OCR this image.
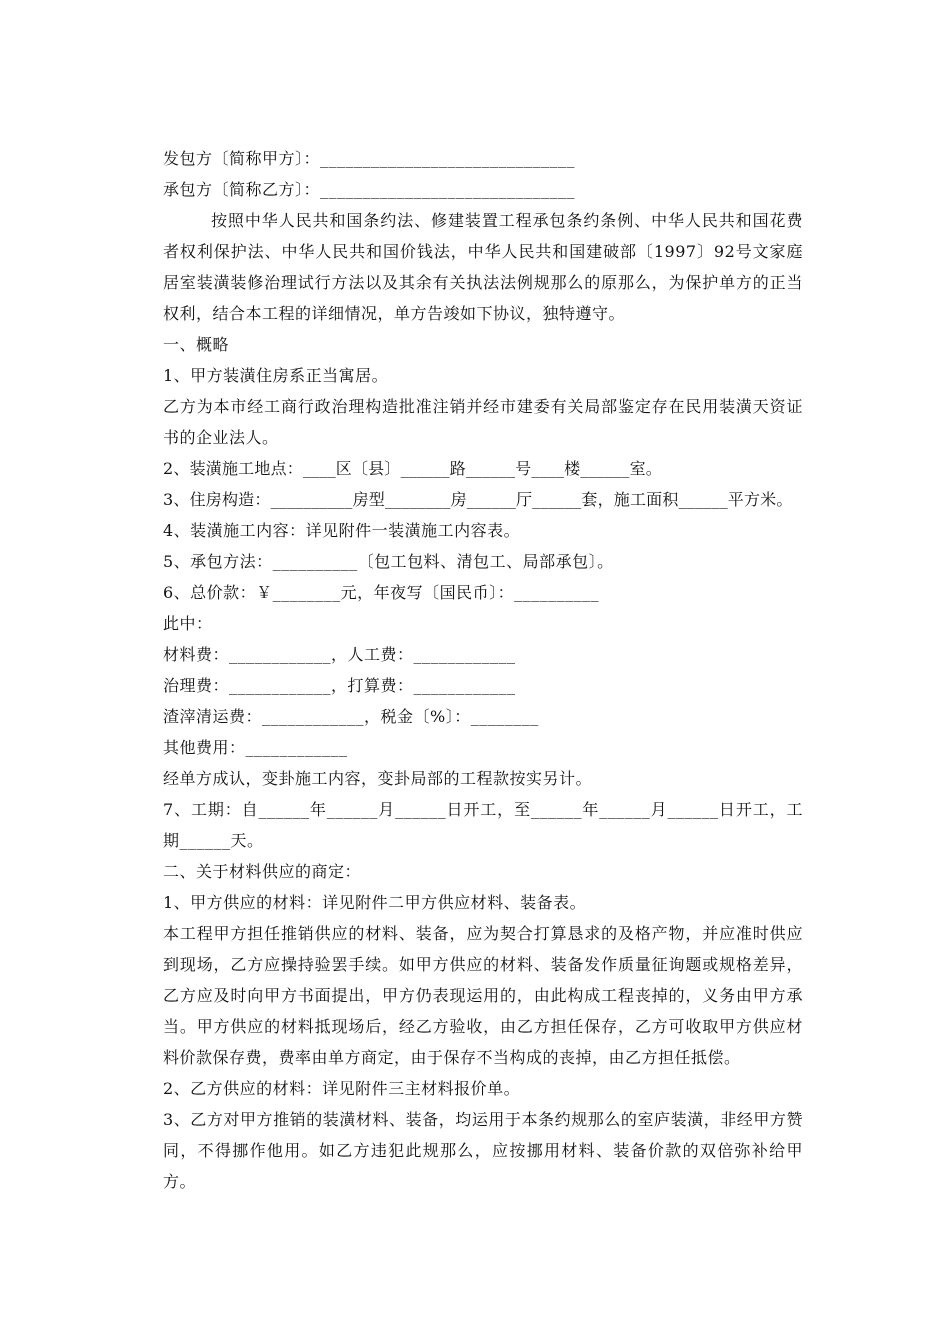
发包方〔简称甲方〕：______________________________
承包方〔简称乙方〕：______________________________
按照中华人民共和国条约法、修建装置工程承包条约条例、中华人民共和国花费者权利保护法、中华人民共和国价钱法，中华人民共和国建破部〔1997〕92号文家庭居室装潢装修治理试行方法以及其余有关执法法例规那么的原那么，为保护单方的正当权利，结合本工程的详细情况，单方告竣如下协议，独特遵守。
一、概略
1、甲方装潢住房系正当寓居。
乙方为本市经工商行政治理构造批准注销并经市建委有关局部鉴定存在民用装潢天资证书的企业法人。
2、装潢施工地点：____区〔县〕______路______号____楼______室。
3、住房构造：__________房型________房______厅______套，施工面积______平方米。
4、装潢施工内容：详见附件一装潢施工内容表。
5、承包方法：__________〔包工包料、清包工、局部承包〕。
6、总价款：￥________元，年夜写〔国民币〕：__________
此中：
材料费：____________，人工费：____________
治理费：____________，打算费：____________
渣滓清运费：____________，税金〔%〕：________
其他费用：____________
经单方成认，变卦施工内容，变卦局部的工程款按实另计。
7、工期：自______年______月______日开工，至______年______月______日开工，工期______天。
二、关于材料供应的商定：
1、甲方供应的材料：详见附件二甲方供应材料、装备表。
本工程甲方担任推销供应的材料、装备，应为契合打算恳求的及格产物，并应准时供应到现场，乙方应操持验罢手续。如甲方供应的材料、装备发作质量征询题或规格差异，乙方应及时向甲方书面提出，甲方仍表现运用的，由此构成工程丧掉的，义务由甲方承当。甲方供应的材料抵现场后，经乙方验收，由乙方担任保存，乙方可收取甲方供应材料价款保存费，费率由单方商定，由于保存不当构成的丧掉，由乙方担任抵偿。
2、乙方供应的材料：详见附件三主材料报价单。
3、乙方对甲方推销的装潢材料、装备，均运用于本条约规那么的室庐装潢，非经甲方赞同，不得挪作他用。如乙方违犯此规那么，应按挪用材料、装备价款的双倍弥补给甲方。
